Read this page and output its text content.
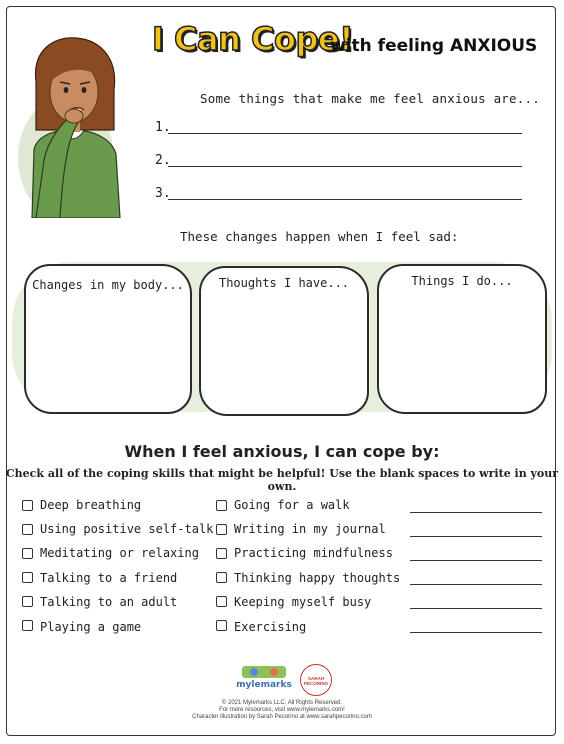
I Can Cope!
with feeling ANXIOUS
Some things that make me feel anxious are...
1.
2.
3.
These changes happen when I feel sad:
Changes in my body...	Thoughts I have...	Things I do...
When I feel anxious, I can cope by:
Check all of the coping skills that might be helpful! Use the blank spaces to write in your own.
Deep breathing
Using positive self-talk
Meditating or relaxing
Talking to a friend
Talking to an adult
Playing a game
Going for a walk
Writing in my journal
Practicing mindfulness
Thinking happy thoughts
Keeping myself busy
Exercising
mylemarks
SARAH PECORINO
© 2021 Mylemarks LLC. All Rights Reserved.
For more resources, visit www.mylemarks.com!
Character illustration by Sarah Pecorino at www.sarahpecorino.com
